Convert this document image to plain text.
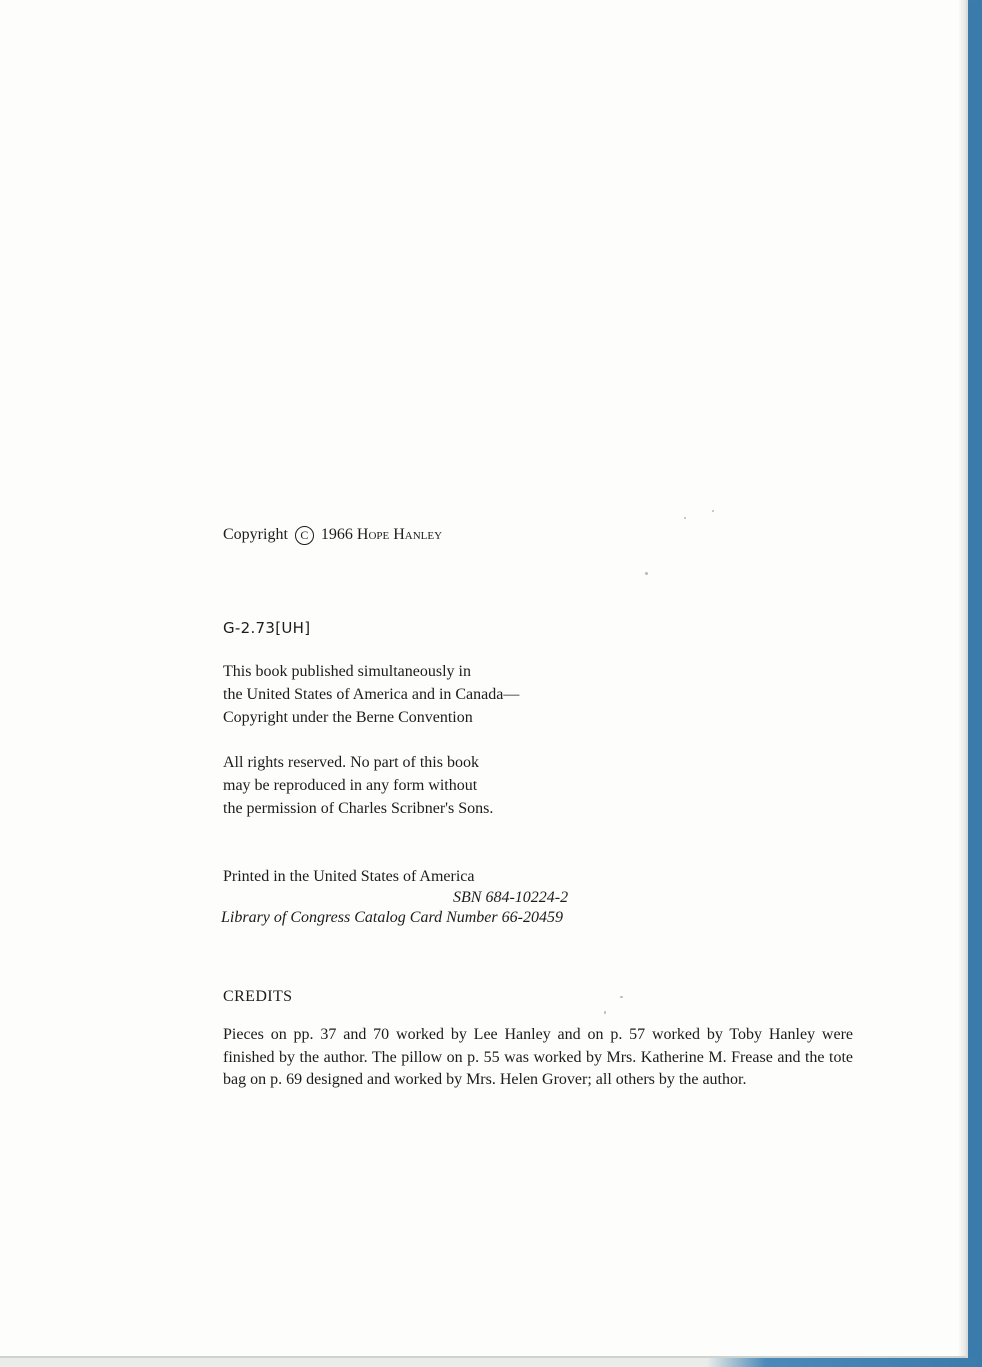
Copyright C 1966 Hope Hanley

G-2.73[UH]

This book published simultaneously in
the United States of America and in Canada—
Copyright under the Berne Convention
All rights reserved. No part of this book
may be reproduced in any form without
the permission of Charles Scribner's Sons.

Printed in the United States of America

SBN 684-10224-2

Library of Congress Catalog Card Number 66-20459

CREDITS

Pieces on pp. 37 and 70 worked by Lee Hanley and on p. 57 worked by Toby Hanley were finished by the author. The pillow on p. 55 was worked by Mrs. Katherine M. Frease and the tote bag on p. 69 designed and worked by Mrs. Helen Grover; all others by the author.
